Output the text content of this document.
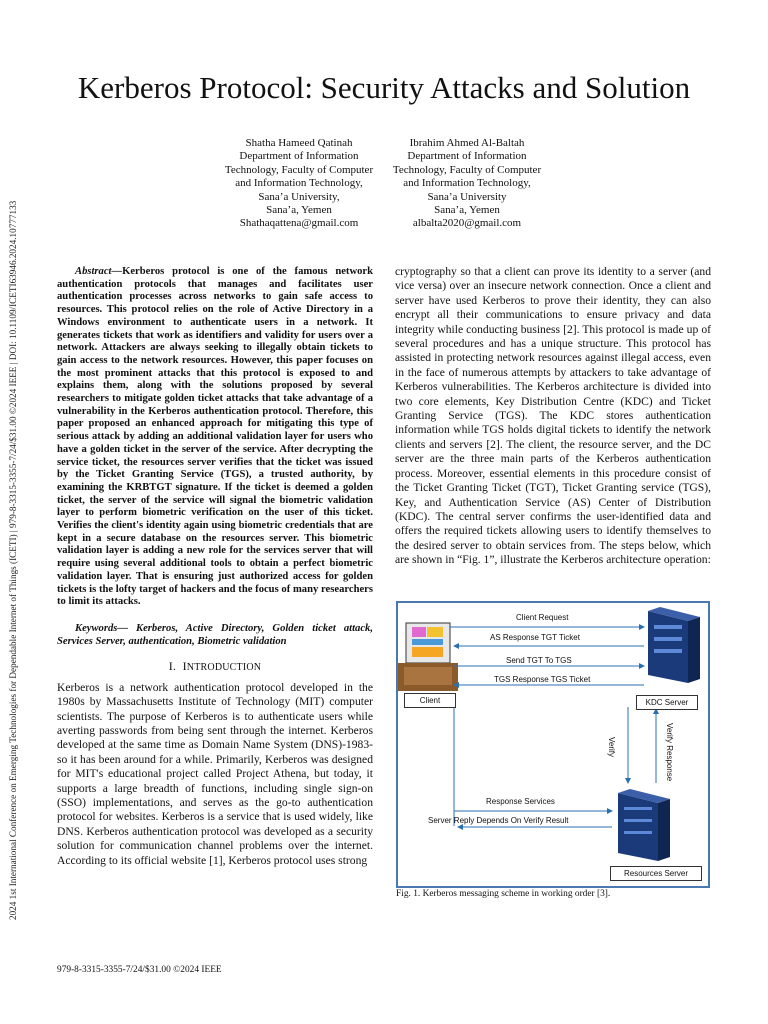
2024 1st International Conference on Emerging Technologies for Dependable Internet of Things (ICETI) | 979-8-3315-3355-7/24/$31.00 ©2024 IEEE | DOI: 10.1109/ICETI63946.2024.10777133
Kerberos Protocol: Security Attacks and Solution
Shatha Hameed Qatinah
Department of Information
Technology, Faculty of Computer
and Information Technology,
Sana’a University,
Sana’a, Yemen
Shathaqattena@gmail.com
Ibrahim Ahmed Al-Baltah
Department of Information
Technology, Faculty of Computer
and Information Technology,
Sana’a University
Sana’a, Yemen
albalta2020@gmail.com

Abstract—Kerberos protocol is one of the famous network authentication protocols that manages and facilitates user authentication processes across networks to gain safe access to resources. This protocol relies on the role of Active Directory in a Windows environment to authenticate users in a network. It generates tickets that work as identifiers and validity for users over a network. Attackers are always seeking to illegally obtain tickets to gain access to the network resources. However, this paper focuses on the most prominent attacks that this protocol is exposed to and explains them, along with the solutions proposed by several researchers to mitigate golden ticket attacks that take advantage of a vulnerability in the Kerberos authentication protocol. Therefore, this paper proposed an enhanced approach for mitigating this type of serious attack by adding an additional validation layer for users who have a golden ticket in the server of the service. After decrypting the service ticket, the resources server verifies that the ticket was issued by the Ticket Granting Service (TGS), a trusted authority, by examining the KRBTGT signature. If the ticket is deemed a golden ticket, the server of the service will signal the biometric validation layer to perform biometric verification on the user of this ticket. Verifies the client's identity again using biometric credentials that are kept in a secure database on the resources server. This biometric validation layer is adding a new role for the services server that will require using several additional tools to obtain a perfect biometric validation layer. That is ensuring just authorized access for golden tickets is the lofty target of hackers and the focus of many researchers to limit its attacks.

Keywords— Kerberos, Active Directory, Golden ticket attack, Services Server, authentication, Biometric validation

I. INTRODUCTION

Kerberos is a network authentication protocol developed in the 1980s by Massachusetts Institute of Technology (MIT) computer scientists. The purpose of Kerberos is to authenticate users while averting passwords from being sent through the internet. Kerberos developed at the same time as Domain Name System (DNS)-1983-so it has been around for a while. Primarily, Kerberos was designed for MIT's educational project called Project Athena, but today, it supports a large breadth of functions, including single sign-on (SSO) implementations, and serves as the go-to authentication protocol for websites. Kerberos is a service that is used widely, like DNS. Kerberos authentication protocol was developed as a security solution for communication channel problems over the internet. According to its official website [1], Kerberos protocol uses strong

cryptography so that a client can prove its identity to a server (and vice versa) over an insecure network connection. Once a client and server have used Kerberos to prove their identity, they can also encrypt all their communications to ensure privacy and data integrity while conducting business [2]. This protocol is made up of several procedures and has a unique structure. This protocol has assisted in protecting network resources against illegal access, even in the face of numerous attempts by attackers to take advantage of Kerberos vulnerabilities. The Kerberos architecture is divided into two core elements, Key Distribution Centre (KDC) and Ticket Granting Service (TGS). The KDC stores authentication information while TGS holds digital tickets to identify the network clients and servers [2]. The client, the resource server, and the DC server are the three main parts of the Kerberos authentication process. Moreover, essential elements in this procedure consist of the Ticket Granting Ticket (TGT), Ticket Granting service (TGS), Key, and Authentication Service (AS) Center of Distribution (KDC). The central server confirms the user-identified data and offers the required tickets allowing users to identify themselves to the desired server to obtain services from. The steps below, which are shown in “Fig. 1”, illustrate the Kerberos architecture operation:

Client Request
AS Response TGT Ticket
Send TGT To TGS
TGS Response TGS Ticket
Client	KDC Server
Verify	Verify Response
Response Services
Server Reply Depends On Verify Result
Resources Server
Fig. 1. Kerberos messaging scheme in working order [3].
979-8-3315-3355-7/24/$31.00 ©2024 IEEE
